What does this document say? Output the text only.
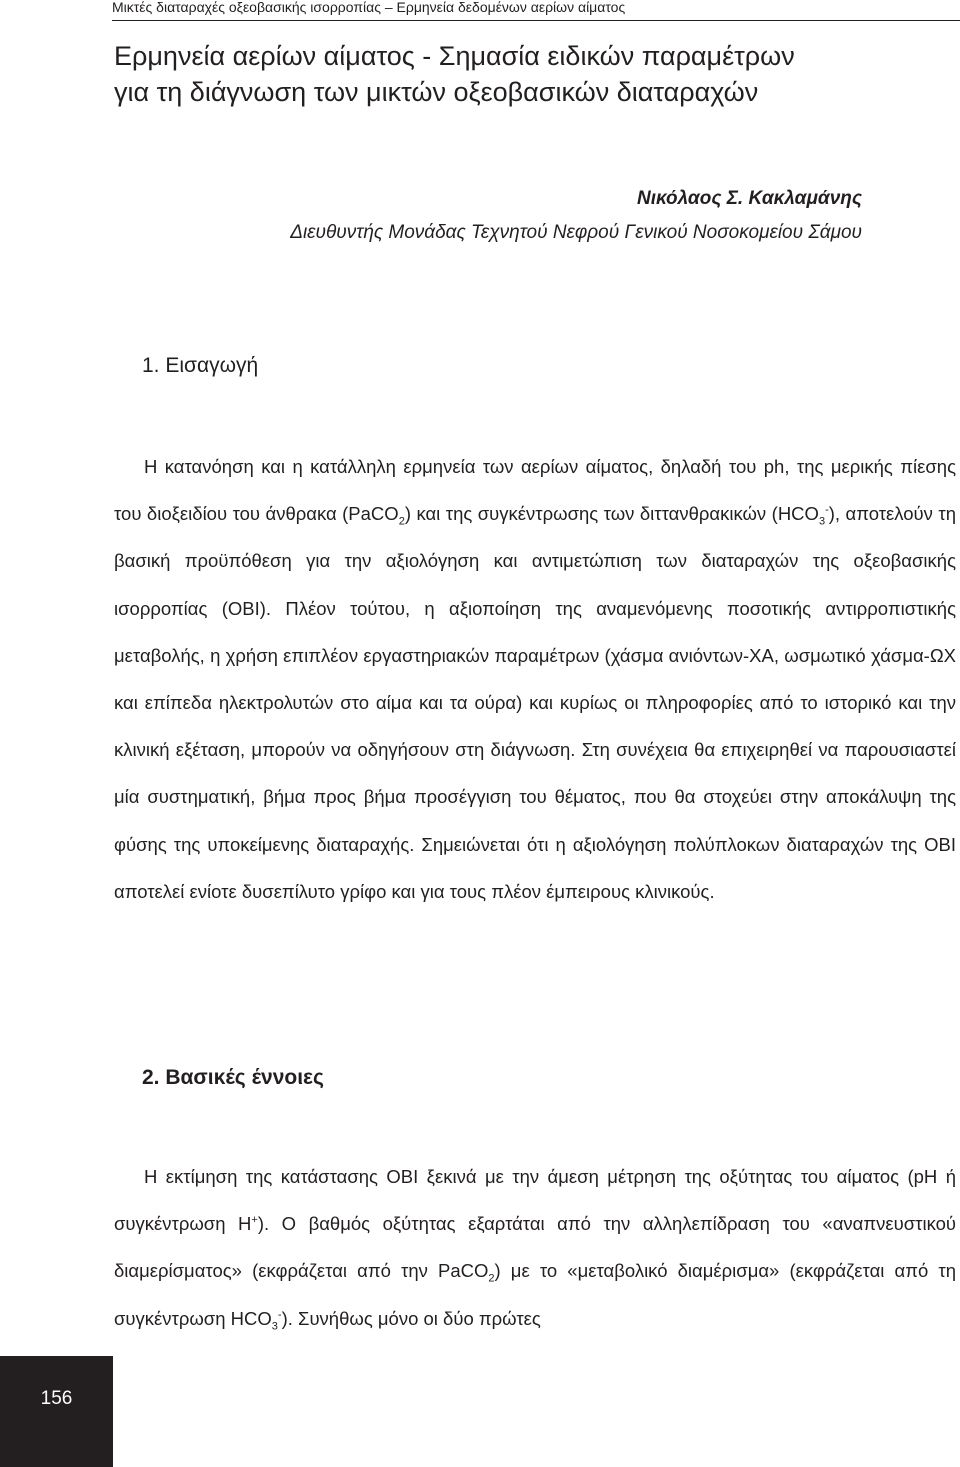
Μικτές διαταραχές οξεοβασικής ισορροπίας – Ερμηνεία δεδομένων αερίων αίματος
Ερμηνεία αερίων αίματος - Σημασία ειδικών παραμέτρων
για τη διάγνωση των μικτών οξεοβασικών διαταραχών
Νικόλαος Σ. Κακλαμάνης
Διευθυντής Μονάδας Τεχνητού Νεφρού Γενικού Νοσοκομείου Σάμου
1. Εισαγωγή

Η κατανόηση και η κατάλληλη ερμηνεία των αερίων αίματος, δηλαδή του ph, της μερικής πίεσης του διοξειδίου του άνθρακα (PaCO$_2$) και της συγκέντρωσης των διττανθρακικών $(HCO_3^-)$, αποτελούν τη βασική προϋπόθεση για την αξιολόγηση και αντιμετώπιση των διαταραχών της οξεοβασικής ισορροπίας (ΟΒΙ). Πλέον τούτου, η αξιοποίηση της αναμενόμενης ποσοτικής αντιρροπιστικής μεταβολής, η χρήση επιπλέον εργαστηριακών παραμέτρων (χάσμα ανιόντων-ΧΑ, ωσμωτικό χάσμα-ΩΧ και επίπεδα ηλεκτρολυτών στο αίμα και τα ούρα) και κυρίως οι πληροφορίες από το ιστορικό και την κλινική εξέταση, μπορούν να οδηγήσουν στη διάγνωση. Στη συνέχεια θα επιχειρηθεί να παρουσιαστεί μία συστηματική, βήμα προς βήμα προσέγγιση του θέματος, που θα στοχεύει στην αποκάλυψη της φύσης της υποκείμενης διαταραχής. Σημειώνεται ότι η αξιολόγηση πολύπλοκων διαταραχών της ΟΒΙ αποτελεί ενίοτε δυσεπίλυτο γρίφο και για τους πλέον έμπειρους κλινικούς.

2. Βασικές έννοιες

Η εκτίμηση της κατάστασης ΟΒΙ ξεκινά με την άμεση μέτρηση της οξύτητας του αίματος (pH ή συγκέντρωση Η+). Ο βαθμός οξύτητας εξαρτάται από την αλληλεπίδραση του «αναπνευστικού διαμερίσματος» (εκφράζεται από την PaCO$_2$) με το «μεταβολικό διαμέρισμα» (εκφράζεται από τη συγκέντρωση $HCO_3^-$). Συνήθως μόνο οι δύο πρώτες

156
